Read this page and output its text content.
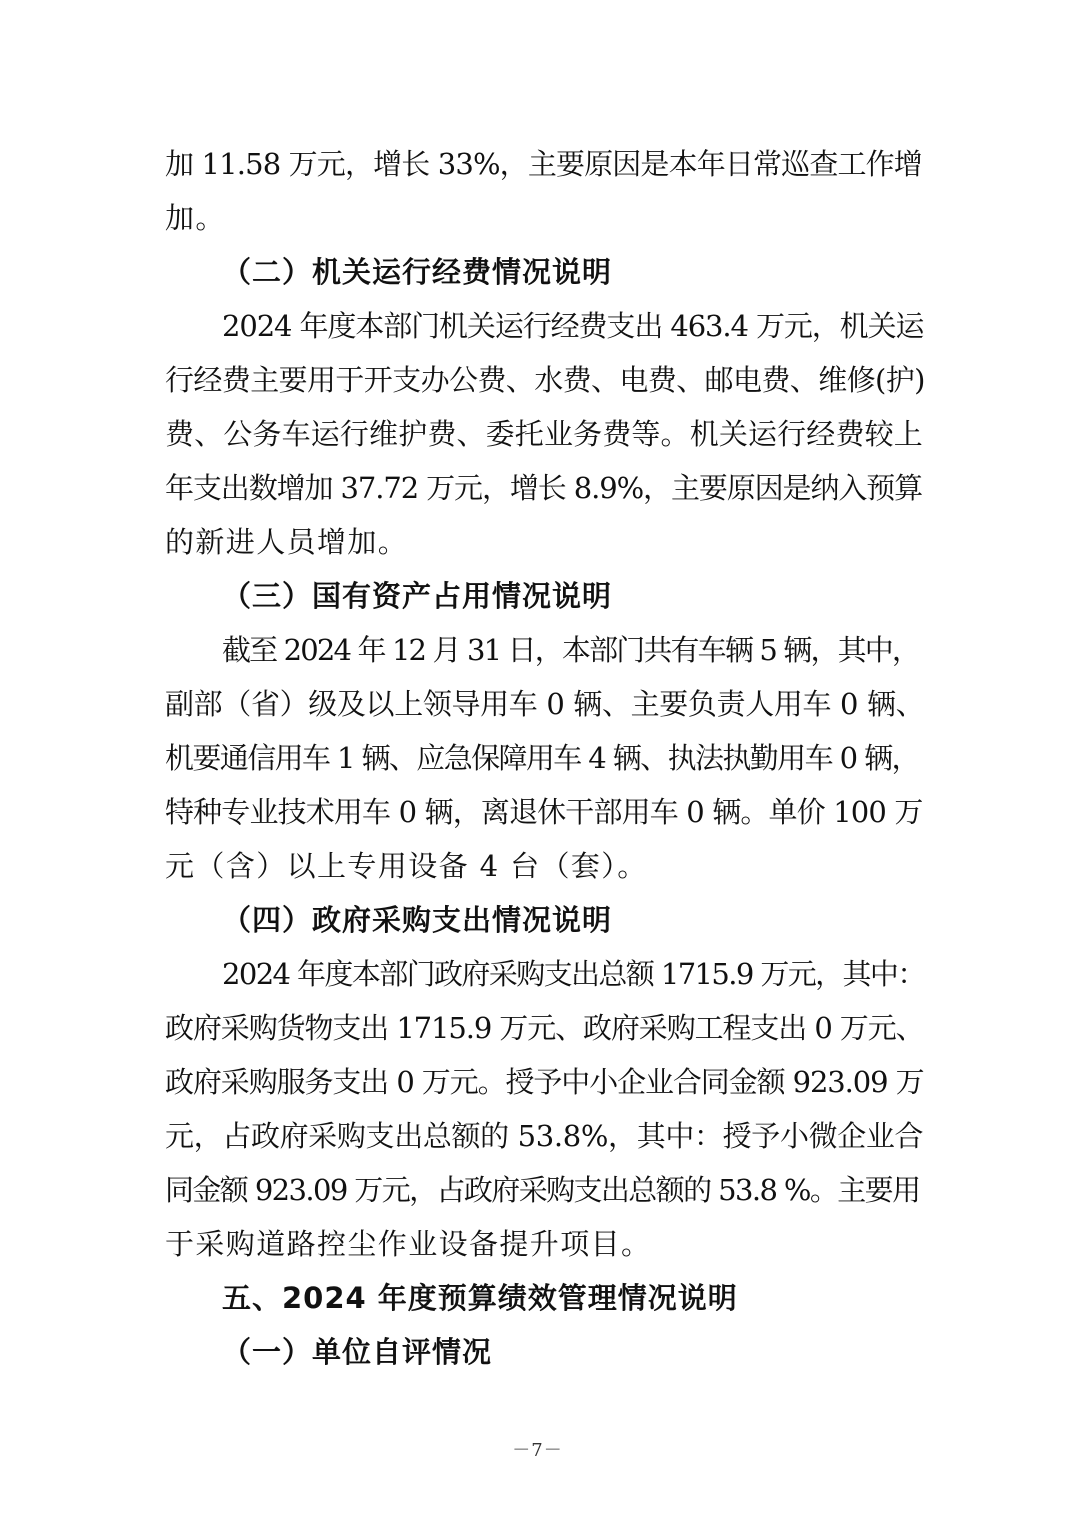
加 11.58 万元，增长 33%，主要原因是本年日常巡查工作增
加。
（二）机关运行经费情况说明
2024 年度本部门机关运行经费支出 463.4 万元，机关运
行经费主要用于开支办公费、水费、电费、邮电费、维修(护)
费、公务车运行维护费、委托业务费等。机关运行经费较上
年支出数增加 37.72 万元，增长 8.9%，主要原因是纳入预算
的新进人员增加。
（三）国有资产占用情况说明
截至 2024 年 12 月 31 日，本部门共有车辆 5 辆，其中，
副部（省）级及以上领导用车 0 辆、主要负责人用车 0 辆、
机要通信用车 1 辆、应急保障用车 4 辆、执法执勤用车 0 辆，
特种专业技术用车 0 辆，离退休干部用车 0 辆。单价 100 万
元（含）以上专用设备 4 台（套）。
（四）政府采购支出情况说明
2024 年度本部门政府采购支出总额 1715.9 万元，其中：
政府采购货物支出 1715.9 万元、政府采购工程支出 0 万元、
政府采购服务支出 0 万元。授予中小企业合同金额 923.09 万
元，占政府采购支出总额的 53.8%，其中：授予小微企业合
同金额 923.09 万元，占政府采购支出总额的 53.8 %。主要用
于采购道路控尘作业设备提升项目。
五、2024 年度预算绩效管理情况说明
（一）单位自评情况
－7－
